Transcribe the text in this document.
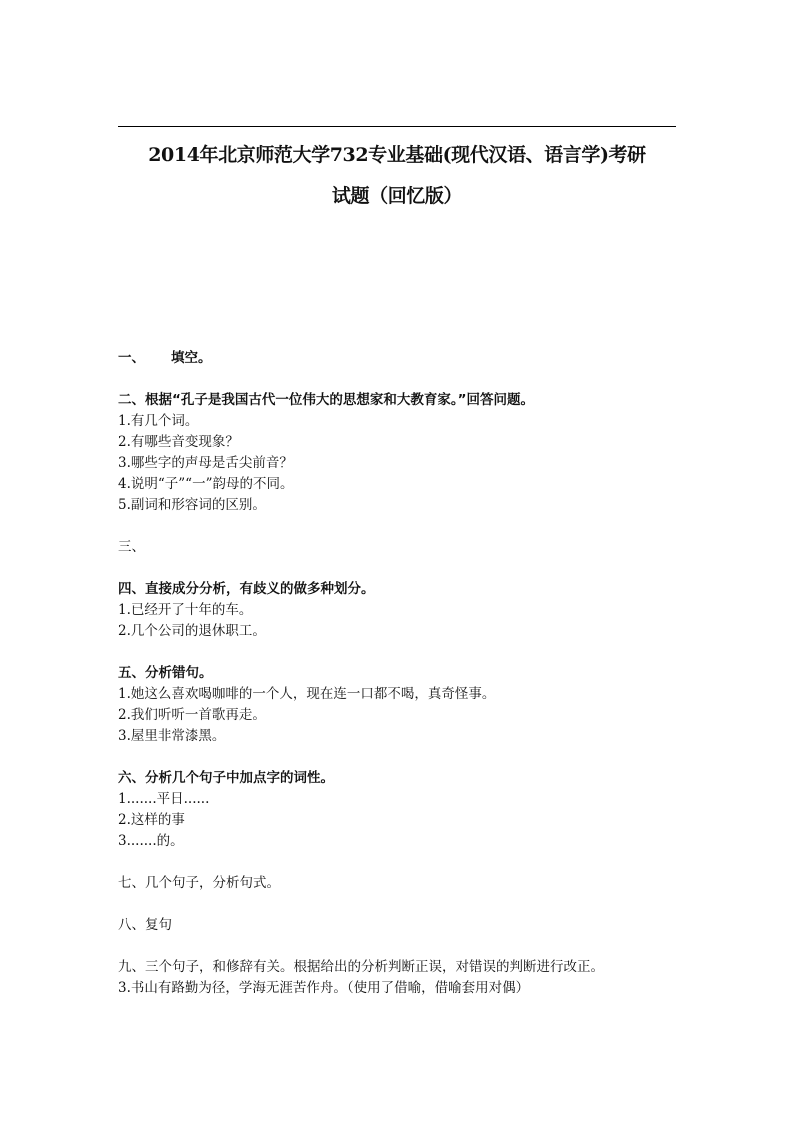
2014年北京师范大学732专业基础(现代汉语、语言学)考研
试题（回忆版）
一、 填空。
二、根据“孔子是我国古代一位伟大的思想家和大教育家。”回答问题。
1.有几个词。
2.有哪些音变现象？
3.哪些字的声母是舌尖前音？
4.说明“子”“一”韵母的不同。
5.副词和形容词的区别。
三、
四、直接成分分析，有歧义的做多种划分。
1.已经开了十年的车。
2.几个公司的退休职工。
五、分析错句。
1.她这么喜欢喝咖啡的一个人，现在连一口都不喝，真奇怪事。
2.我们听听一首歌再走。
3.屋里非常漆黑。
六、分析几个句子中加点字的词性。
1.......平日......
2.这样的事
3.......的。
七、几个句子，分析句式。
八、复句
九、三个句子，和修辞有关。根据给出的分析判断正误，对错误的判断进行改正。
3.书山有路勤为径，学海无涯苦作舟。（使用了借喻，借喻套用对偶）
